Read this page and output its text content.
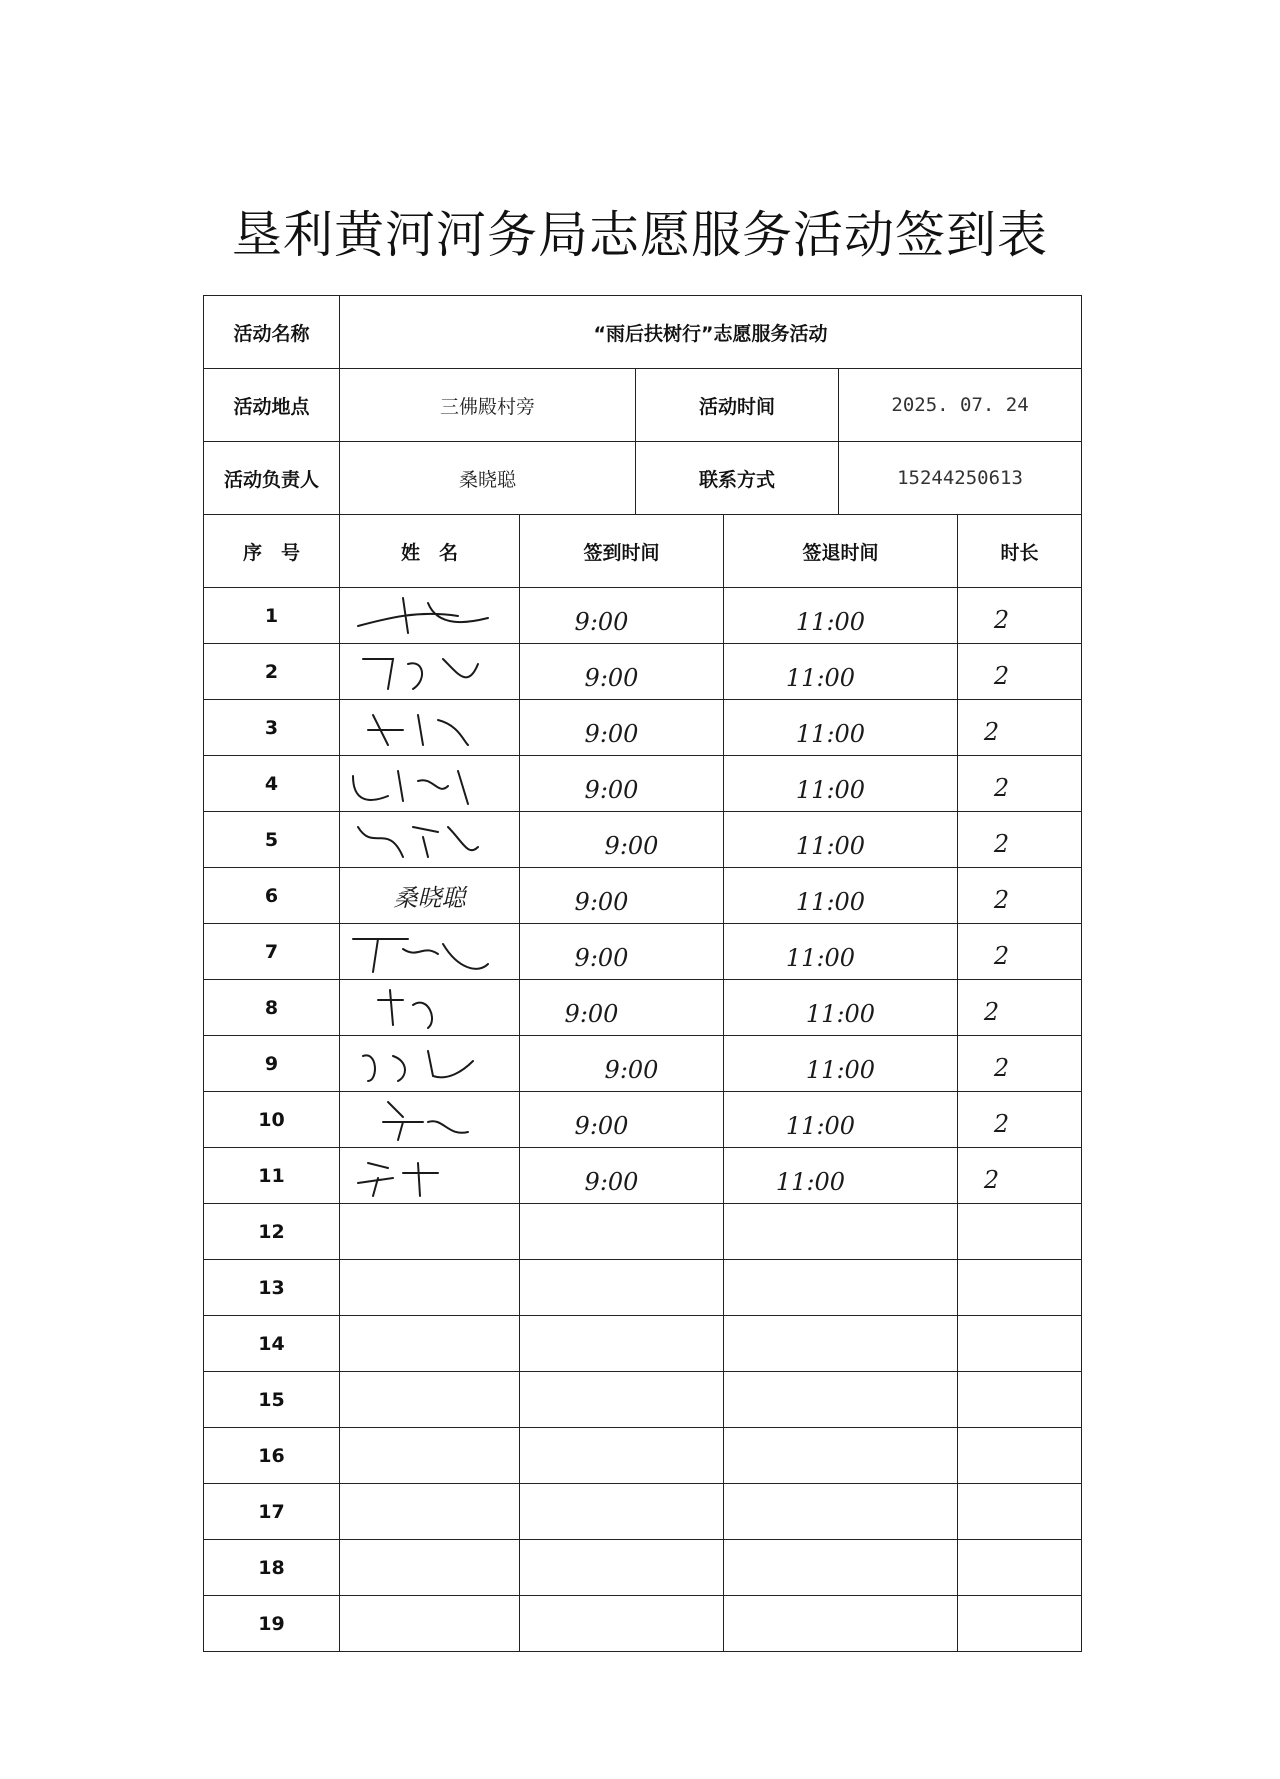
垦利黄河河务局志愿服务活动签到表
活动名称	“雨后扶树行”志愿服务活动					
活动地点	三佛殿村旁		活动时间		2025. 07. 24	
活动负责人	桑晓聪		联系方式		15244250613	
序　号	姓　名	签到时间		签退时间		时长
1		9:00		11:00		2
2		9:00		11:00		2
3		9:00		11:00		2
4		9:00		11:00		2
5		9:00		11:00		2
6	桑晓聪	9:00		11:00		2
7		9:00		11:00		2
8		9:00		11:00		2
9		9:00		11:00		2
10		9:00		11:00		2
11		9:00		11:00		2
12						
13						
14						
15						
16						
17						
18						
19						
